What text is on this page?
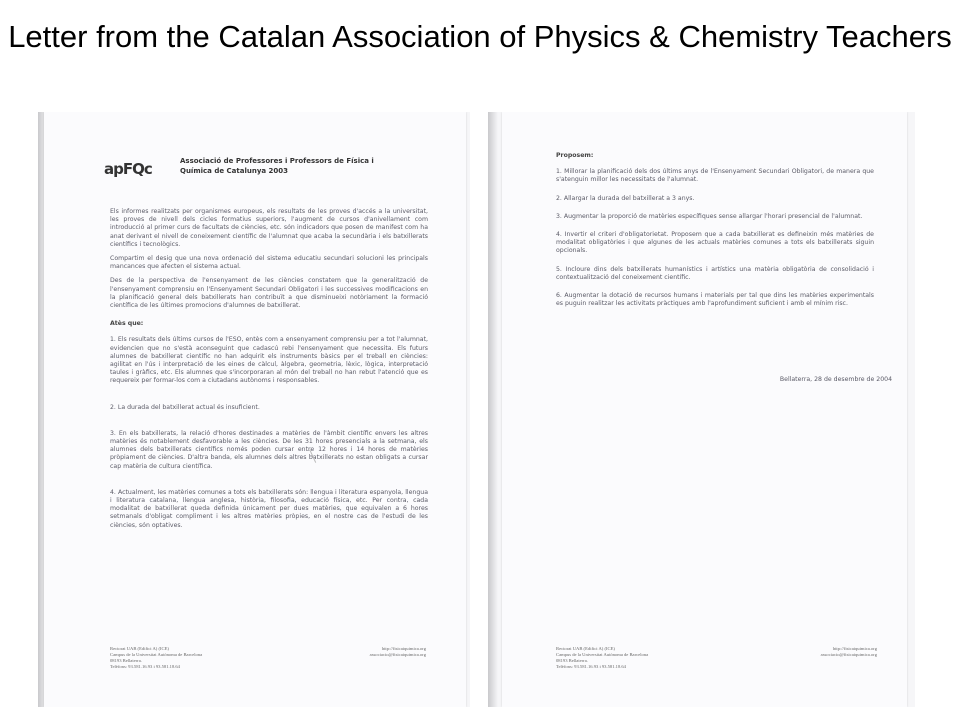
Letter from the Catalan Association of Physics & Chemistry Teachers
apFQc	Associació de Professores i Professors de Física i Química de Catalunya 2003

Els informes realitzats per organismes europeus, els resultats de les proves d'accés a la universitat, les proves de nivell dels cicles formatius superiors, l'augment de cursos d'anivellament com introducció al primer curs de facultats de ciències, etc. són indicadors que posen de manifest com ha anat derivant el nivell de coneixement científic de l'alumnat que acaba la secundària i els batxillerats científics i tecnològics.

Compartim el desig que una nova ordenació del sistema educatiu secundari solucioni les principals mancances que afecten el sistema actual.

Des de la perspectiva de l'ensenyament de les ciències constatem que la generalització de l'ensenyament comprensiu en l'Ensenyament Secundari Obligatori i les successives modificacions en la planificació general dels batxillerats han contribuït a que disminueixi notòriament la formació científica de les últimes promocions d'alumnes de batxillerat.

Atès que:

1. Els resultats dels últims cursos de l'ESO, entès com a ensenyament comprensiu per a tot l'alumnat, evidencien que no s'està aconseguint que cadascú rebi l'ensenyament que necessita. Els futurs alumnes de batxillerat científic no han adquirit els instruments bàsics per el treball en ciències: agilitat en l'ús i interpretació de les eines de càlcul, àlgebra, geometria, lèxic, lògica, interpretació taules i gràfics, etc. Els alumnes que s'incorporaran al món del treball no han rebut l'atenció que es requereix per formar-los com a ciutadans autònoms i responsables.

2. La durada del batxillerat actual és insuficient.

3. En els batxillerats, la relació d'hores destinades a matèries de l'àmbit científic envers les altres matèries és notablement desfavorable a les ciències. De les 31 hores presencials a la setmana, els alumnes dels batxillerats científics només poden cursar entre 12 hores i 14 hores de matèries pròpiament de ciències. D'altra banda, els alumnes dels altres batxillerats no estan obligats a cursar cap matèria de cultura científica.

4. Actualment, les matèries comunes a tots els batxillerats són: llengua i literatura espanyola, llengua i literatura catalana, llengua anglesa, història, filosofia, educació física, etc. Per contra, cada modalitat de batxillerat queda definida únicament per dues matèries, que equivalen a 6 hores setmanals d'obligat compliment i les altres matèries pròpies, en el nostre cas de l'estudi de les ciències, són optatives.

Rectorat UAB (Edifici A) (ICE)
Campus de la Universitat Autònoma de Barcelona
08193 Bellaterra.
Telèfons: 93.581.16.93 i 93.581.18.64
http://fisicaiquimica.org
associacio@fisicaiquimica.org

Proposem:

1. Millorar la planificació dels dos últims anys de l'Ensenyament Secundari Obligatori, de manera que s'atenguin millor les necessitats de l'alumnat.

2. Allargar la durada del batxillerat a 3 anys.

3. Augmentar la proporció de matèries específiques sense allargar l'horari presencial de l'alumnat.

4. Invertir el criteri d'obligatorietat. Proposem que a cada batxillerat es defineixin més matèries de modalitat obligatòries i que algunes de les actuals matèries comunes a tots els batxillerats siguin opcionals.

5. Incloure dins dels batxillerats humanístics i artístics una matèria obligatòria de consolidació i contextualització del coneixement científic.

6. Augmentar la dotació de recursos humans i materials per tal que dins les matèries experimentals es puguin realitzar les activitats pràctiques amb l'aprofundiment suficient i amb el mínim risc.

Bellaterra, 28 de desembre de 2004
Rectorat UAB (Edifici A) (ICE)
Campus de la Universitat Autònoma de Barcelona
08193 Bellaterra.
Telèfons: 93.581.16.93 i 93.581.18.64
http://fisicaiquimica.org
associacio@fisicaiquimica.org
